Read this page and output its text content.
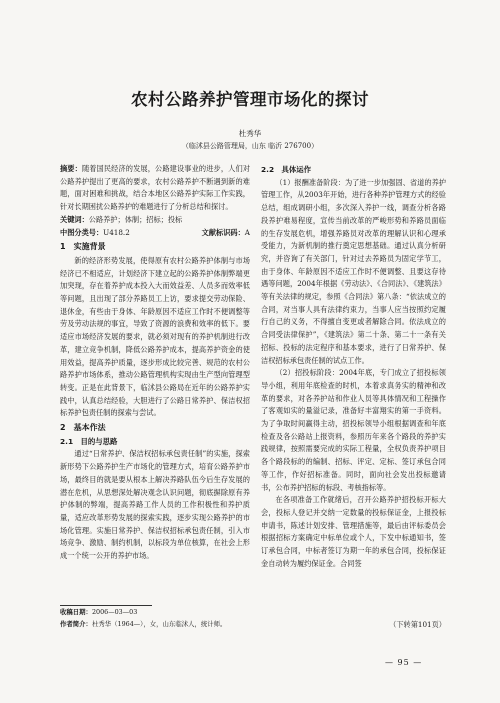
农村公路养护管理市场化的探讨
杜秀华
（临沭县公路管理局，山东 临沂 276700）

摘要：随着国民经济的发展，公路建设事业的进步，人们对公路养护提出了更高的要求，农村公路养护不断遇到新的难题，面对困难和挑战，结合本地区公路养护实际工作实践，针对长期困扰公路养护的难题进行了分析总结和探讨。

关键词：公路养护；体制；招标；投标

中图分类号：U418.2	文献标识码：A
1　实施背景

新的经济形势发展，使得原有农村公路养护体制与市场经济已不相适应，计划经济下建立起的公路养护体制弊端更加突现，存在着养护成本投入大而效益差、人员多而效率低等问题，且出现了部分养路员工上访，要求提交劳动保险、退休金，有些由于身体、年龄原因不适应工作时不便调整等劳及劳动法规的事宜，导致了资源的浪费和效率的低下。要适应市场经济发展的要求，就必须对现有的养护机制进行改革，建立竞争机制，降低公路养护成本，提高养护资金的使用效益，提高养护质量，逐步形成比较完善、规范的农村公路养护市场体系，推动公路管理机构实现由生产型向管理型转变。正是在此背景下，临沭县公路局在近年的公路养护实践中，认真总结经验，大胆进行了公路日常养护、保洁权招标养护包责任制的探索与尝试。

2　基本作法
2.1　目的与思路

通过“日常养护、保洁权招标承包责任制”的实施，探索新形势下公路养护生产市场化的管理方式，培育公路养护市场，最终目的就是要从根本上解决养路队伍今后生存发展的潜在危机，从思想深处解决观念认识问题，彻底摒除原有养护体制的弊端，提高养路工作人员的工作积极性和养护质量，适应改革形势发展的探索实践，逐步实现公路养护的市场化管理。实施日常养护、保洁权招标承包责任制，引入市场竞争、激励、制约机制，以标段为单位核算，在社会上形成一个统一公开的养护市场。

2.2　具体运作

（1）报酬准备阶段：为了进一步加强固、省道的养护管理工作，从2003年开始，进行各种养护管理方式的经验总结，组成调研小组，多次深入养护一线，调查分析各路段养护难易程度，宣传当前改革的严峻形势和养路员面临的生存发展危机，增强养路员对改革的理解认识和心理承受能力，为新机制的推行奠定思想基础。通过认真分析研究，并咨询了有关部门，针对过去养路员为固定学节工，由于身体、年龄原因不适应工作时不便调整、且要这存待遇等问题，2004年根据《劳动法》、《合同法》、《建筑法》等有关法律的规定，参照《合同法》第八条：“依法成立的合同，对当事人具有法律约束力，当事人应当按照约定履行自己的义务，不得擅自变更或者解除合同。依法成立的合同受法律保护”，《建筑法》第二十条、第二十一条有关招标、投标的法定程序和基本要求，进行了日常养护、保洁权招标承包责任制的试点工作。

（2）招投标阶段：2004年底，专门成立了招投标领导小组，利用年底检查的时机，本着求真务实的精神和改革的要求，对各养护站和作业人员等具体情况和工程操作了客观如实的量溢记录，准备好丰富翔实的第一手资料。为了争取时间赢得主动，招投标领导小组根据调查和年底检查及各公路站上报资料，参照历年来各个路段的养护实践规律，按照需要完成的实际工程量，全权负责养护项目各个路段标的的编制、招标、评定、定标、签订承包合同等工作，作好招标准备。同时，面向社会发出投标邀请书，公布养护招标的标段、考核指标等。

在各项准备工作就绪后，召开公路养护招投标开标大会，投标人登记并交纳一定数量的投标保证金，上报投标申请书，陈述计划安排、管理措施等，最后由评标委员会根据招标方案确定中标单位或个人，下发中标通知书，签订承包合同，中标者签订为期一年的承包合同，投标保证金自动转为履约保证金。合同签

收稿日期：2006—03—03
作者简介：杜秀华（1964—），女，山东临沭人，统计师。	（下转第101页）
— 95 —
